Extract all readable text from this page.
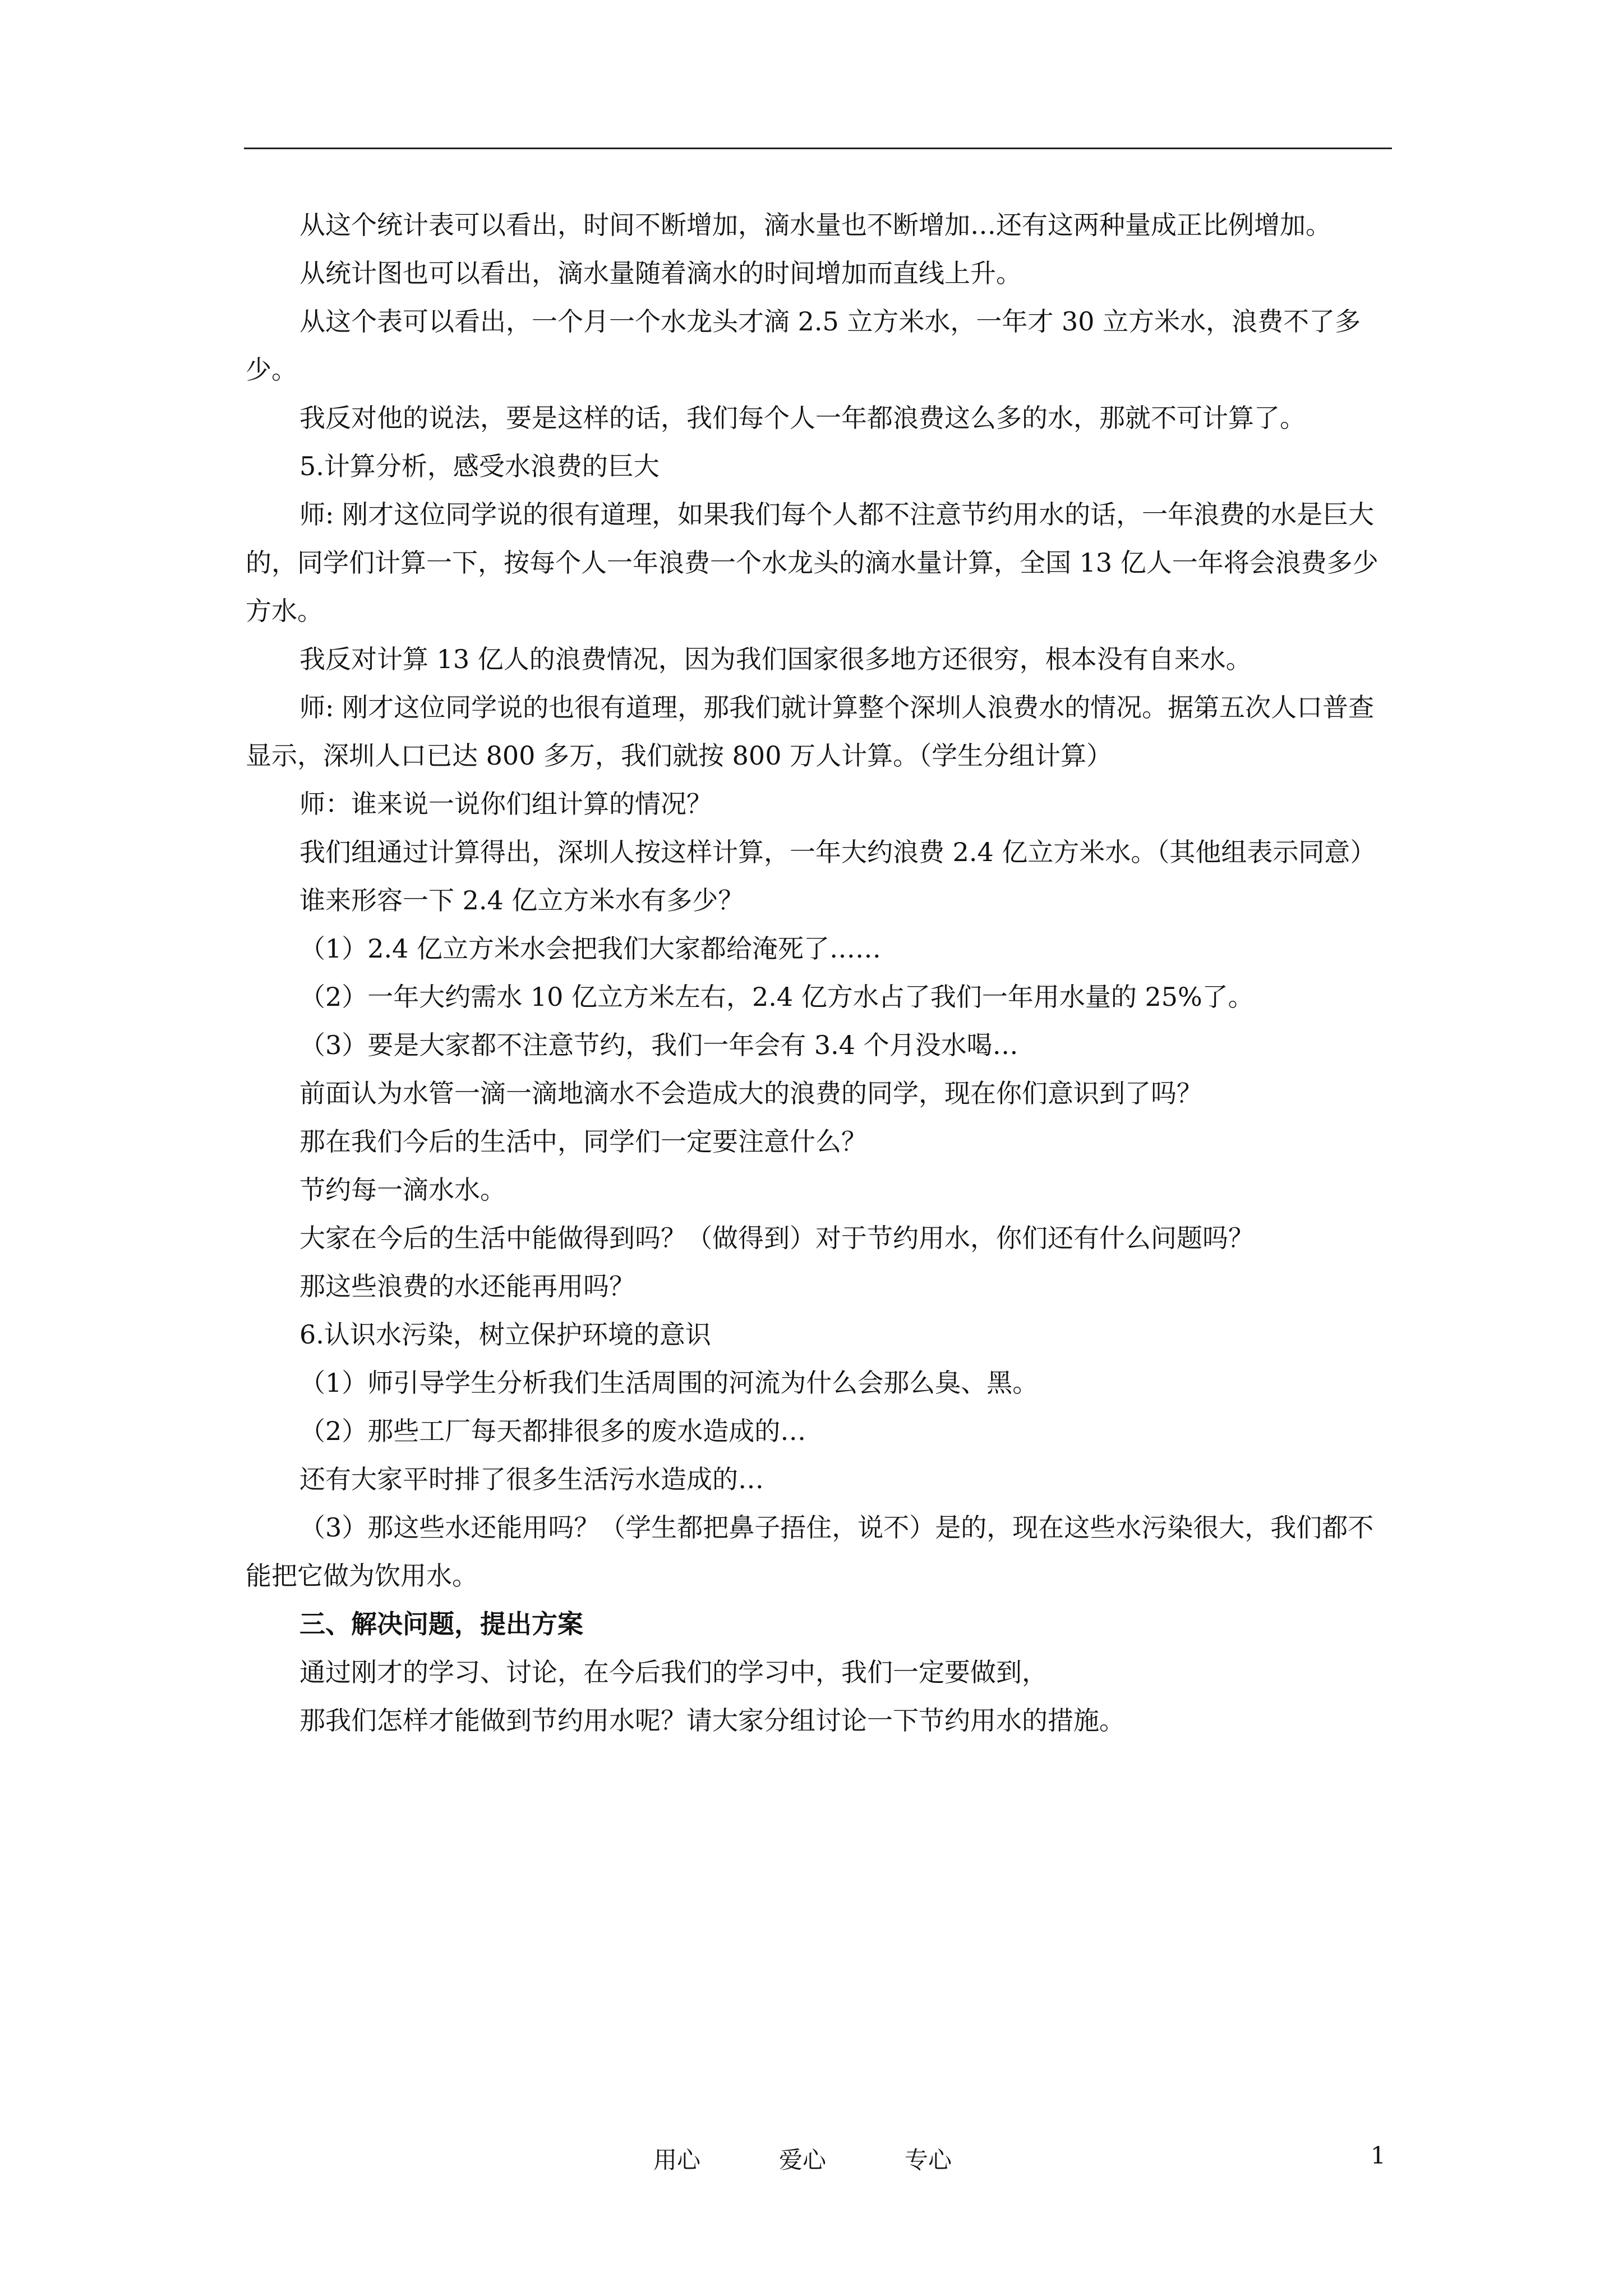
从这个统计表可以看出，时间不断增加，滴水量也不断增加…还有这两种量成正比例增加。

从统计图也可以看出，滴水量随着滴水的时间增加而直线上升。

从这个表可以看出，一个月一个水龙头才滴 2.5 立方米水，一年才 30 立方米水，浪费不了多少。

我反对他的说法，要是这样的话，我们每个人一年都浪费这么多的水，那就不可计算了。

5.计算分析，感受水浪费的巨大

师: 刚才这位同学说的很有道理，如果我们每个人都不注意节约用水的话，一年浪费的水是巨大的，同学们计算一下，按每个人一年浪费一个水龙头的滴水量计算，全国 13 亿人一年将会浪费多少方水。

我反对计算 13 亿人的浪费情况，因为我们国家很多地方还很穷，根本没有自来水。

师: 刚才这位同学说的也很有道理，那我们就计算整个深圳人浪费水的情况。据第五次人口普查显示，深圳人口已达 800 多万，我们就按 800 万人计算。（学生分组计算）

师：谁来说一说你们组计算的情况？

我们组通过计算得出，深圳人按这样计算，一年大约浪费 2.4 亿立方米水。（其他组表示同意）

谁来形容一下 2.4 亿立方米水有多少？

（1）2.4 亿立方米水会把我们大家都给淹死了……

（2）一年大约需水 10 亿立方米左右，2.4 亿方水占了我们一年用水量的 25%了。

（3）要是大家都不注意节约，我们一年会有 3.4 个月没水喝…

前面认为水管一滴一滴地滴水不会造成大的浪费的同学，现在你们意识到了吗？

那在我们今后的生活中，同学们一定要注意什么？

节约每一滴水水。

大家在今后的生活中能做得到吗？（做得到）对于节约用水，你们还有什么问题吗？

那这些浪费的水还能再用吗？

6.认识水污染，树立保护环境的意识

（1）师引导学生分析我们生活周围的河流为什么会那么臭、黑。

（2）那些工厂每天都排很多的废水造成的…

还有大家平时排了很多生活污水造成的…

（3）那这些水还能用吗？（学生都把鼻子捂住，说不）是的，现在这些水污染很大，我们都不能把它做为饮用水。

三、解决问题，提出方案

通过刚才的学习、讨论，在今后我们的学习中，我们一定要做到，

那我们怎样才能做到节约用水呢？请大家分组讨论一下节约用水的措施。

用心	爱心	专心	1
